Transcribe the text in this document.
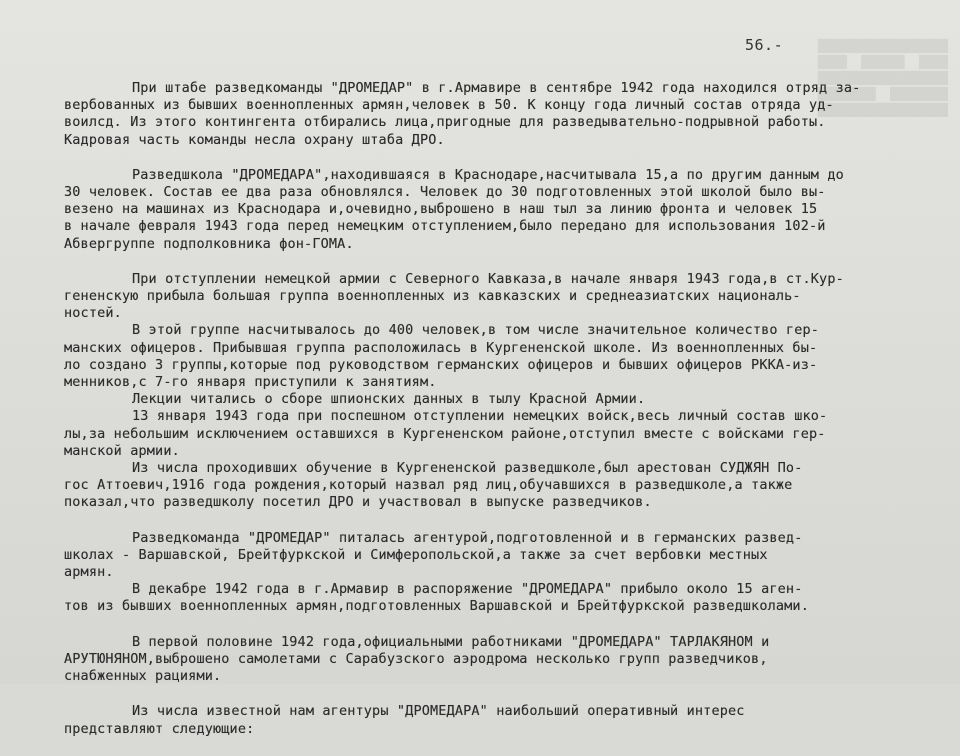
██████████████████
████  ██████  ████
██████████████████
████████  ████████
██████████████████

56.-
При штабе разведкоманды "ДРОМЕДАР" в г.Армавире в сентябре 1942 года находился отряд за-
вербованных из бывших военнопленных армян,человек в 50. К концу года личный состав отряда уд-
воилсд. Из этого контингента отбирались лица,пригодные для разведывательно-подрывной работы.
Кадровая часть команды несла охрану штаба ДРО.
Разведшкола "ДРОМЕДАРА",находившаяся в Краснодаре,насчитывала 15,а по другим данным до
30 человек. Состав ее два раза обновлялся. Человек до 30 подготовленных этой школой было вы-
везено на машинах из Краснодара и,очевидно,выброшено в наш тыл за линию фронта и человек 15
в начале февраля 1943 года перед немецким отступлением,было передано для использования 102-й
Абвергруппе подполковника фон-ГОМА.
При отступлении немецкой армии с Северного Кавказа,в начале января 1943 года,в ст.Кур-
гененскую прибыла большая группа военнопленных из кавказских и среднеазиатских националь-
ностей.
В этой группе насчитывалось до 400 человек,в том числе значительное количество гер-
манских офицеров. Прибывшая группа расположилась в Кургененской школе. Из военнопленных бы-
ло создано 3 группы,которые под руководством германских офицеров и бывших офицеров РККА-из-
менников,с 7-го января приступили к занятиям.
Лекции читались о сборе шпионских данных в тылу Красной Армии.
13 января 1943 года при поспешном отступлении немецких войск,весь личный состав шко-
лы,за небольшим исключением оставшихся в Кургененском районе,отступил вместе с войсками гер-
манской армии.
Из числа проходивших обучение в Кургененской разведшколе,был арестован СУДЖЯН По-
гос Аттоевич,1916 года рождения,который назвал ряд лиц,обучавшихся в разведшколе,а также
показал,что разведшколу посетил ДРО и участвовал в выпуске разведчиков.
Разведкоманда "ДРОМЕДАР" питалась агентурой,подготовленной и в германских развед-
школах - Варшавской, Брейтфуркской и Симферопольской,а также за счет вербовки местных
армян.
В декабре 1942 года в г.Армавир в распоряжение "ДРОМЕДАРА" прибыло около 15 аген-
тов из бывших военнопленных армян,подготовленных Варшавской и Брейтфуркской разведшколами.
В первой половине 1942 года,официальными работниками "ДРОМЕДАРА" ТАРЛАКЯНОМ и
АРУТЮНЯНОМ,выброшено самолетами с Сарабузского аэродрома несколько групп разведчиков,
снабженных рациями.
Из числа известной нам агентуры "ДРОМЕДАРА" наибольший оперативный интерес
представляют следующие:
